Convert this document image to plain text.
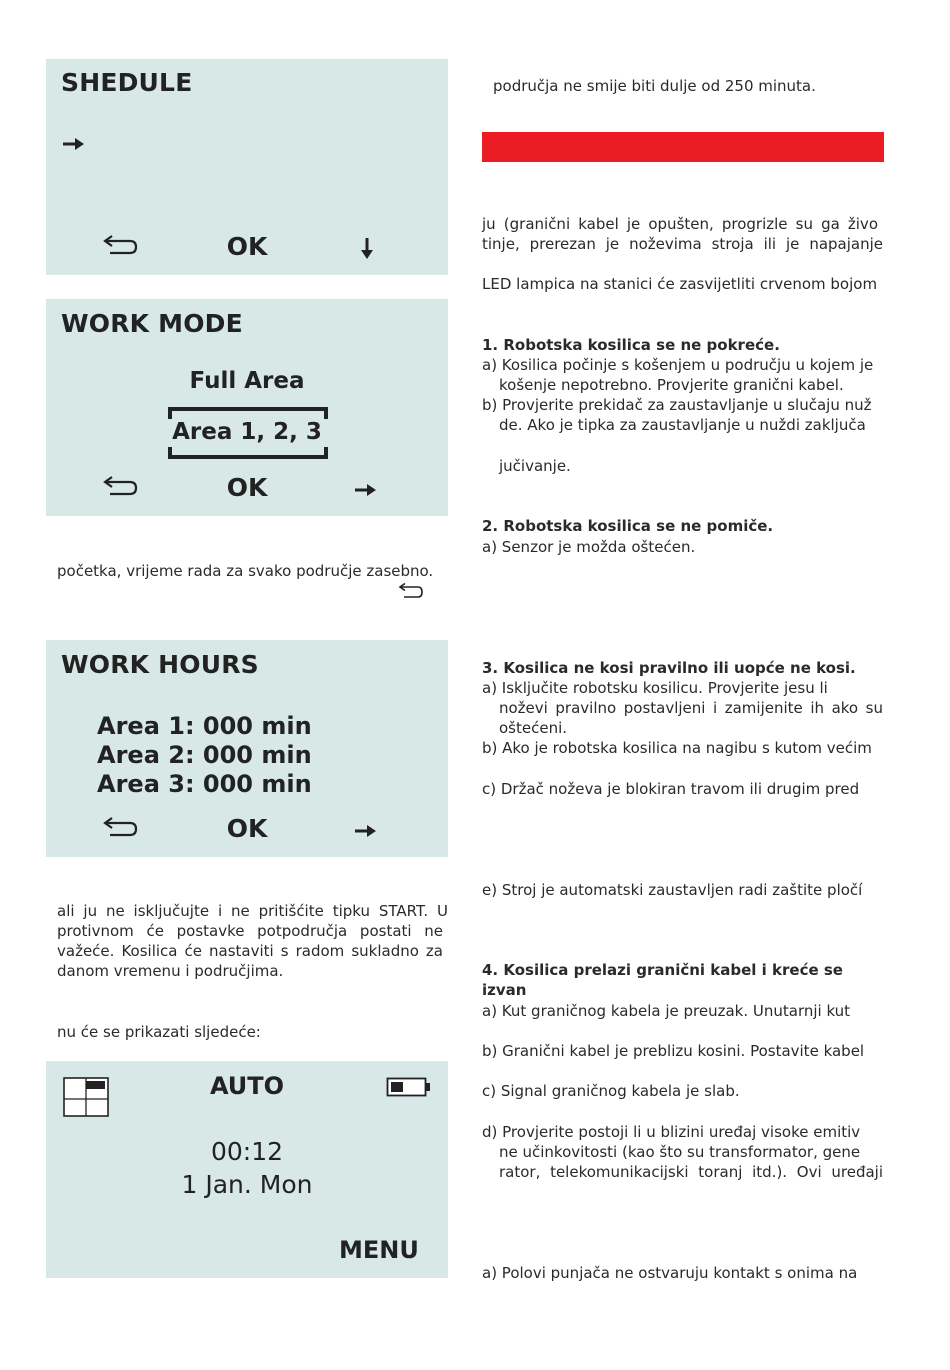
SHEDULE
OK
WORK MODE
Full Area
Area 1, 2, 3
OK
početka, vrijeme rada za svako područje zasebno.
WORK HOURS
Area 1: 000 min
Area 2: 000 min
Area 3: 000 min
OK
ali ju ne isključujte i ne pritišćite tipku START. U
protivnom će postavke potpodručja postati ne
važeće. Kosilica će nastaviti s radom sukladno za
danom vremenu i područjima.
nu će se prikazati sljedeće:
AUTO
00:12
1 Jan. Mon
MENU
područja ne smije biti dulje od 250 minuta.
ju (granični kabel je opušten, progrizle su ga živo
tinje, prerezan je noževima stroja ili je napajanje
LED lampica na stanici će zasvijetliti crvenom bojom
1. Robotska kosilica se ne pokreće.
a) Kosilica počinje s košenjem u području u kojem je
košenje nepotrebno. Provjerite granični kabel.
b) Provjerite prekidač za zaustavljanje u slučaju nuž
de. Ako je tipka za zaustavljanje u nuždi zaključa
jučivanje.
2. Robotska kosilica se ne pomiče.
a) Senzor je možda oštećen.
3. Kosilica ne kosi pravilno ili uopće ne kosi.
a) Isključite robotsku kosilicu. Provjerite jesu li
noževi pravilno postavljeni i zamijenite ih ako su
oštećeni.
b) Ako je robotska kosilica na nagibu s kutom većim
c) Držač noževa je blokiran travom ili drugim pred
e) Stroj je automatski zaustavljen radi zaštite pločí
4. Kosilica prelazi granični kabel i kreće se izvan
a) Kut graničnog kabela je preuzak. Unutarnji kut
b) Granični kabel je preblizu kosini. Postavite kabel
c) Signal graničnog kabela je slab.
d) Provjerite postoji li u blizini uređaj visoke emitiv
ne učinkovitosti (kao što su transformator, gene
rator, telekomunikacijski toranj itd.). Ovi uređaji
a) Polovi punjača ne ostvaruju kontakt s onima na
